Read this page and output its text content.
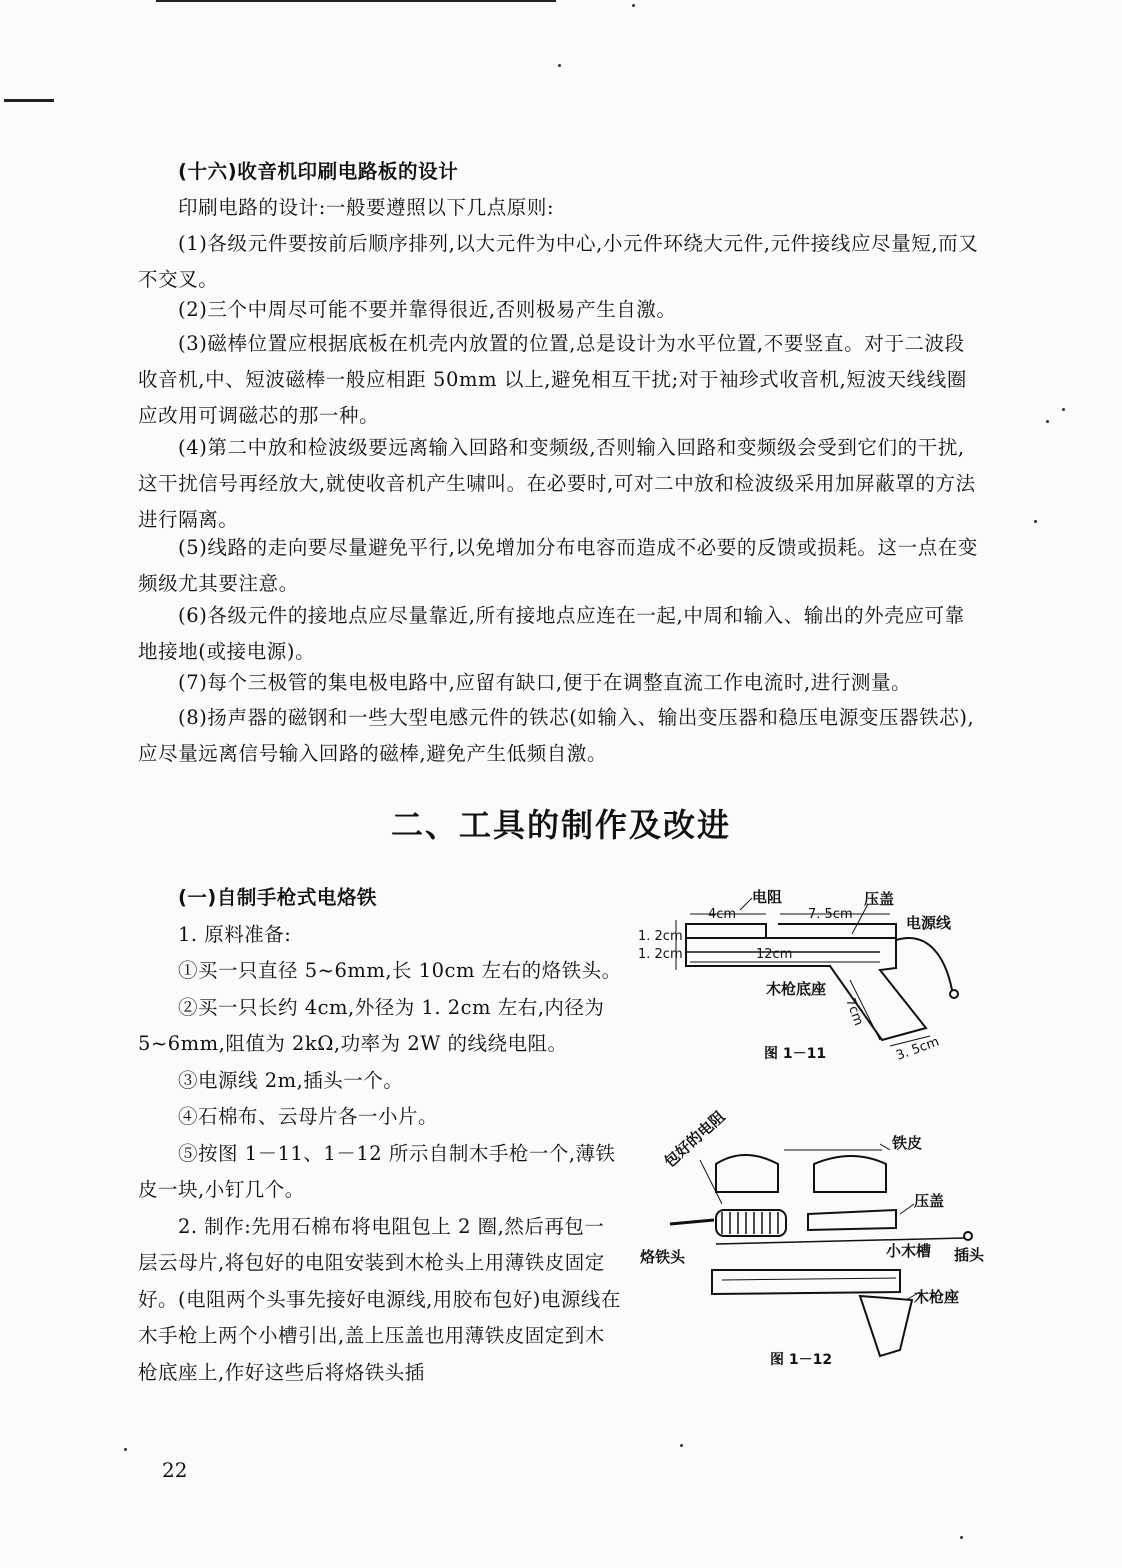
(十六)收音机印刷电路板的设计
印刷电路的设计:一般要遵照以下几点原则:

(1)各级元件要按前后顺序排列,以大元件为中心,小元件环绕大元件,元件接线应尽量短,而又不交叉。

(2)三个中周尽可能不要并靠得很近,否则极易产生自激。

(3)磁棒位置应根据底板在机壳内放置的位置,总是设计为水平位置,不要竖直。对于二波段收音机,中、短波磁棒一般应相距 50mm 以上,避免相互干扰;对于袖珍式收音机,短波天线线圈应改用可调磁芯的那一种。

(4)第二中放和检波级要远离输入回路和变频级,否则输入回路和变频级会受到它们的干扰,这干扰信号再经放大,就使收音机产生啸叫。在必要时,可对二中放和检波级采用加屏蔽罩的方法进行隔离。

(5)线路的走向要尽量避免平行,以免增加分布电容而造成不必要的反馈或损耗。这一点在变频级尤其要注意。

(6)各级元件的接地点应尽量靠近,所有接地点应连在一起,中周和输入、输出的外壳应可靠地接地(或接电源)。

(7)每个三极管的集电极电路中,应留有缺口,便于在调整直流工作电流时,进行测量。

(8)扬声器的磁钢和一些大型电感元件的铁芯(如输入、输出变压器和稳压电源变压器铁芯),应尽量远离信号输入回路的磁棒,避免产生低频自激。

二、工具的制作及改进

(一)自制手枪式电烙铁

1. 原料准备:

①买一只直径 5~6mm,长 10cm 左右的烙铁头。

②买一只长约 4cm,外径为 1. 2cm 左右,内径为 5~6mm,阻值为 2kΩ,功率为 2W 的线绕电阻。

③电源线 2m,插头一个。

④石棉布、云母片各一小片。

⑤按图 1－11、1－12 所示自制木手枪一个,薄铁皮一块,小钉几个。

2. 制作:先用石棉布将电阻包上 2 圈,然后再包一层云母片,将包好的电阻安装到木枪头上用薄铁皮固定好。(电阻两个头事先接好电源线,用胶布包好)电源线在木手枪上两个小槽引出,盖上压盖也用薄铁皮固定到木枪底座上,作好这些后将烙铁头插

电阻	压盖
电源线
木枪底座
4cm	7. 5cm
12cm
1. 2cm
1. 2cm
7cm
3. 5cm
图 1－11
包好的电阻	铁皮
压盖
烙铁头	小木槽 插头
木枪座
图 1－12
22
